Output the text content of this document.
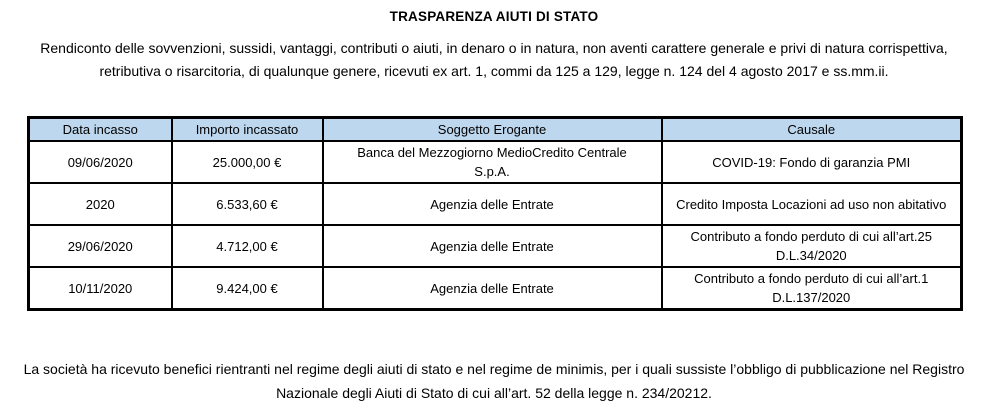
TRASPARENZA AIUTI DI STATO

Rendiconto delle sovvenzioni, sussidi, vantaggi, contributi o aiuti, in denaro o in natura, non aventi carattere generale e privi di natura corrispettiva, retributiva o risarcitoria, di qualunque genere, ricevuti ex art. 1, commi da 125 a 129, legge n. 124 del 4 agosto 2017 e ss.mm.ii.

Data incasso	Importo incassato	Soggetto Erogante	Causale

09/06/2020	25.000,00 €	Banca del Mezzogiorno MedioCredito Centrale S.p.A.	COVID-19: Fondo di garanzia PMI

2020	6.533,60 €	Agenzia delle Entrate	Credito Imposta Locazioni ad uso non abitativo

29/06/2020	4.712,00 €	Agenzia delle Entrate	Contributo a fondo perduto di cui all’art.25 D.L.34/2020

10/11/2020	9.424,00 €	Agenzia delle Entrate	Contributo a fondo perduto di cui all’art.1 D.L.137/2020

La società ha ricevuto benefici rientranti nel regime degli aiuti di stato e nel regime de minimis, per i quali sussiste l’obbligo di pubblicazione nel Registro Nazionale degli Aiuti di Stato di cui all’art. 52 della legge n. 234/20212.
